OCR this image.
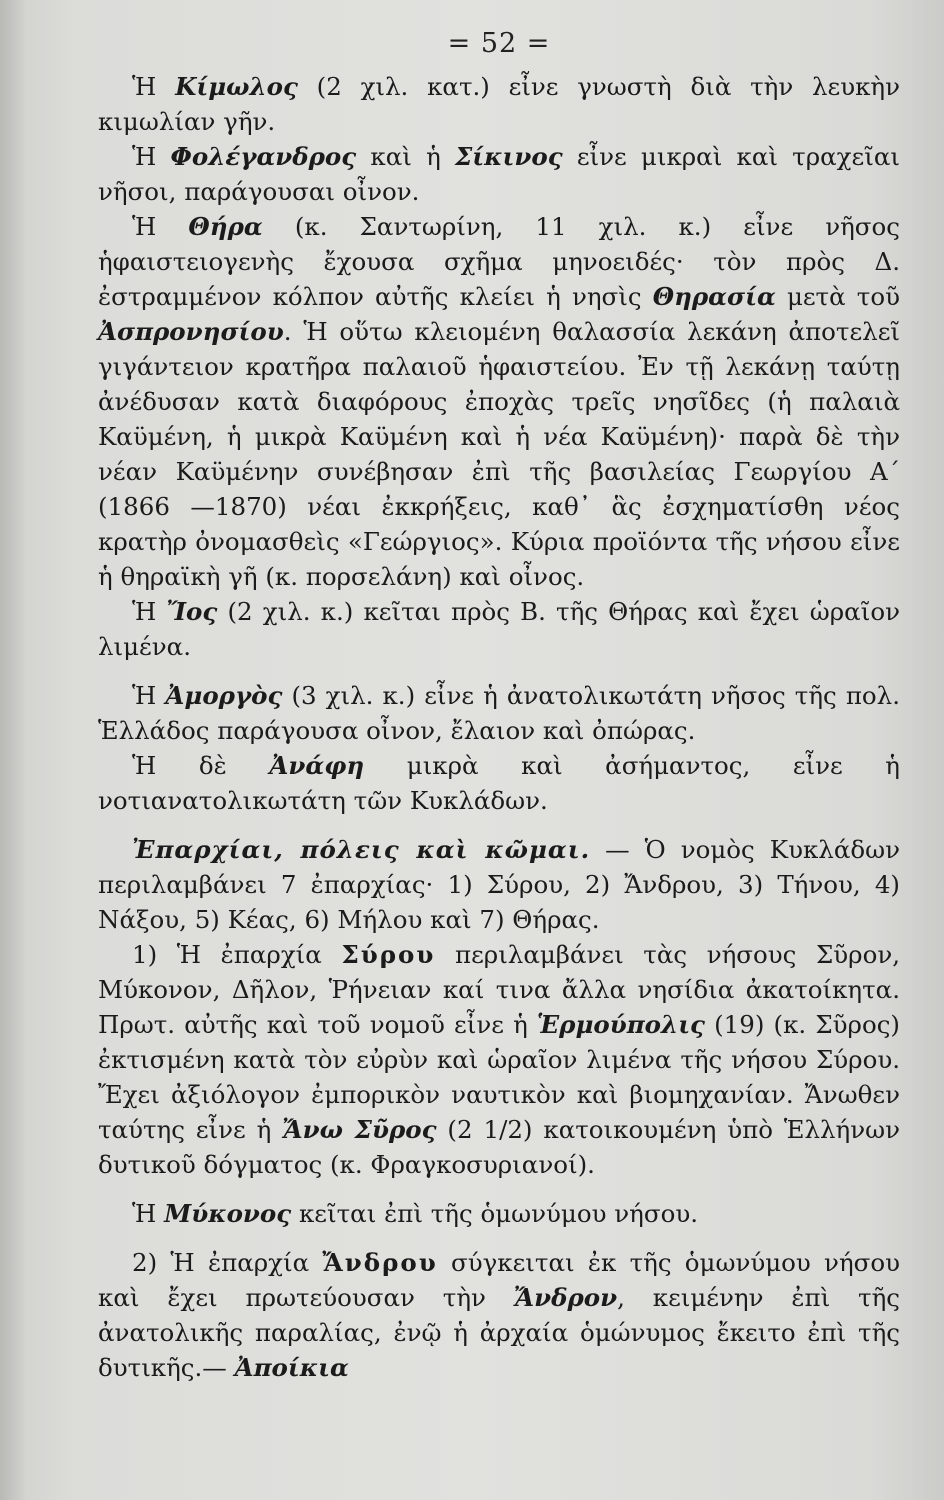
= 52 =

Ἡ Κίμωλος (2 χιλ. κατ.) εἶνε γνωστὴ διὰ τὴν λευκὴν κιμωλίαν γῆν.

Ἡ Φολέγανδρος καὶ ἡ Σίκινος εἶνε μικραὶ καὶ τραχεῖαι νῆσοι, παράγουσαι οἶνον.

Ἡ Θήρα (κ. Σαντωρίνη, 11 χιλ. κ.) εἶνε νῆσος ἡφαιστειογενὴς ἔχουσα σχῆμα μηνοειδές· τὸν πρὸς Δ. ἐστραμμένον κόλπον αὐτῆς κλείει ἡ νησὶς Θηρασία μετὰ τοῦ Ἀσπρονησίου. Ἡ οὕτω κλειομένη θαλασσία λεκάνη ἀποτελεῖ γιγάντειον κρατῆρα παλαιοῦ ἡφαιστείου. Ἐν τῇ λεκάνῃ ταύτῃ ἀνέδυσαν κατὰ διαφόρους ἐποχὰς τρεῖς νησῖδες (ἡ παλαιὰ Καϋμένη, ἡ μικρὰ Καϋμένη καὶ ἡ νέα Καϋμένη)· παρὰ δὲ τὴν νέαν Καϋμένην συνέβησαν ἐπὶ τῆς βασιλείας Γεωργίου Α΄ (1866 —1870) νέαι ἐκκρήξεις, καθ᾽ ἃς ἐσχηματίσθη νέος κρατὴρ ὀνομασθεὶς «Γεώργιος». Κύρια προϊόντα τῆς νήσου εἶνε ἡ θηραϊκὴ γῆ (κ. πορσελάνη) καὶ οἶνος.

Ἡ Ἴος (2 χιλ. κ.) κεῖται πρὸς Β. τῆς Θήρας καὶ ἔχει ὡραῖον λιμένα.

Ἡ Ἀμοργὸς (3 χιλ. κ.) εἶνε ἡ ἀνατολικωτάτη νῆσος τῆς πολ. Ἑλλάδος παράγουσα οἶνον, ἔλαιον καὶ ὀπώρας.

Ἡ δὲ Ἀνάφη μικρὰ καὶ ἀσήμαντος, εἶνε ἡ νοτιανατολικωτάτη τῶν Κυκλάδων.

Ἐπαρχίαι, πόλεις καὶ κῶμαι. — Ὁ νομὸς Κυκλάδων περιλαμβάνει 7 ἐπαρχίας· 1) Σύρου, 2) Ἄνδρου, 3) Τήνου, 4) Νάξου, 5) Κέας, 6) Μήλου καὶ 7) Θήρας.

1) Ἡ ἐπαρχία Σύρου περιλαμβάνει τὰς νήσους Σῦρον, Μύκονον, Δῆλον, Ῥήνειαν καί τινα ἄλλα νησίδια ἀκατοίκητα. Πρωτ. αὐτῆς καὶ τοῦ νομοῦ εἶνε ἡ Ἑρμούπολις (19) (κ. Σῦρος) ἐκτισμένη κατὰ τὸν εὐρὺν καὶ ὡραῖον λιμένα τῆς νήσου Σύρου. Ἔχει ἀξιόλογον ἐμπορικὸν ναυτικὸν καὶ βιομηχανίαν. Ἄνωθεν ταύτης εἶνε ἡ Ἄνω Σῦρος (2 1/2) κατοικουμένη ὑπὸ Ἑλλήνων δυτικοῦ δόγματος (κ. Φραγκοσυριανοί).

Ἡ Μύκονος κεῖται ἐπὶ τῆς ὁμωνύμου νήσου.

2) Ἡ ἐπαρχία Ἄνδρου σύγκειται ἐκ τῆς ὁμωνύμου νήσου καὶ ἔχει πρωτεύουσαν τὴν Ἄνδρον, κειμένην ἐπὶ τῆς ἀνατολικῆς παραλίας, ἐνῷ ἡ ἀρχαία ὁμώνυμος ἔκειτο ἐπὶ τῆς δυτικῆς.— Ἀποίκια
